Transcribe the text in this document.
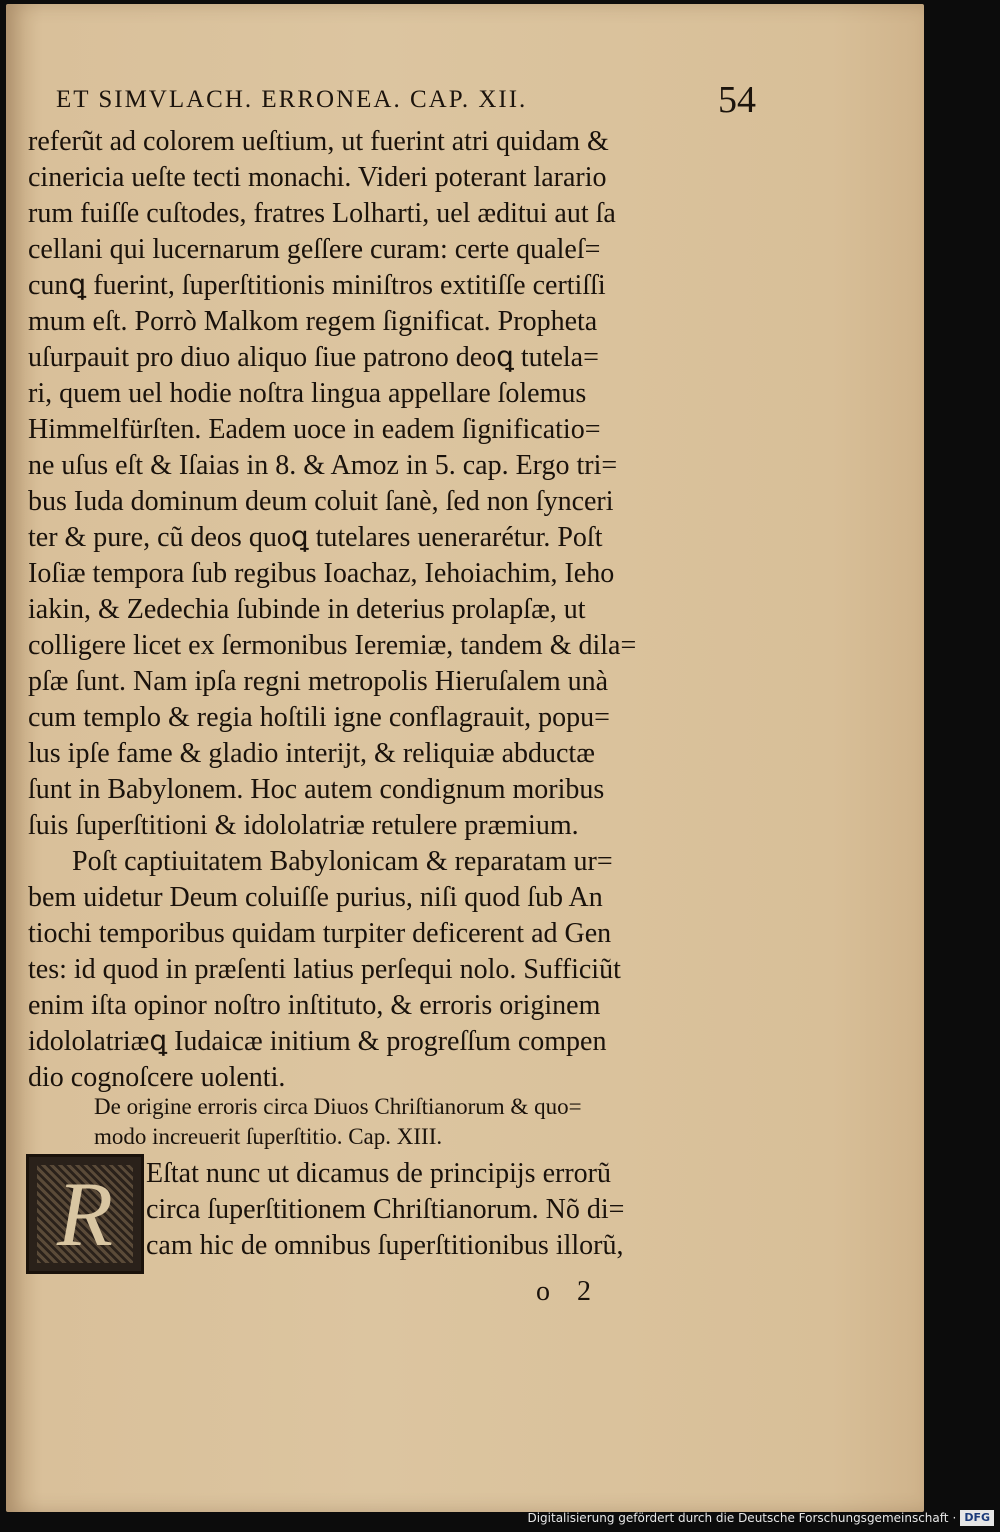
ET SIMVLACH. ERRONEA. CAP. XII.	54
referũt ad colorem ueſtium, ut fuerint atri quidam &
cinericia ueſte tecti monachi. Videri poterant larario
rum fuiſſe cuſtodes, fratres Lolharti, uel æditui aut ſa
cellani qui lucernarum geſſere curam: certe qualeſ=
cunꝗ fuerint, ſuperſtitionis miniſtros extitiſſe certiſſi
mum eſt. Porrò Malkom regem ſignificat. Propheta
uſurpauit pro diuo aliquo ſiue patrono deoꝗ tutela=
ri, quem uel hodie noſtra lingua appellare ſolemus
Himmelfürſten. Eadem uoce in eadem ſignificatio=
ne uſus eſt & Iſaias in 8. & Amoz in 5. cap. Ergo tri=
bus Iuda dominum deum coluit ſanè, ſed non ſynceri
ter & pure, cũ deos quoꝗ tutelares uenerarétur. Poſt
Ioſiæ tempora ſub regibus Ioachaz, Iehoiachim, Ieho
iakin, & Zedechia ſubinde in deterius prolapſæ, ut
colligere licet ex ſermonibus Ieremiæ, tandem & dila=
pſæ ſunt. Nam ipſa regni metropolis Hieruſalem unà
cum templo & regia hoſtili igne conflagrauit, popu=
lus ipſe fame & gladio interijt, & reliquiæ abductæ
ſunt in Babylonem. Hoc autem condignum moribus
ſuis ſuperſtitioni & idololatriæ retulere præmium.
Poſt captiuitatem Babylonicam & reparatam ur=
bem uidetur Deum coluiſſe purius, niſi quod ſub An
tiochi temporibus quidam turpiter deficerent ad Gen
tes: id quod in præſenti latius perſequi nolo. Sufficiũt
enim iſta opinor noſtro inſtituto, & erroris originem
idololatriæꝗ Iudaicæ initium & progreſſum compen
dio cognoſcere uolenti.
De origine erroris circa Diuos Chriſtianorum & quo=
modo increuerit ſuperſtitio. Cap. XIII.
R Eſtat nunc ut dicamus de principijs errorũ
circa ſuperſtitionem Chriſtianorum. Nõ di=
cam hic de omnibus ſuperſtitionibus illorũ,
o 2
Digitalisierung gefördert durch die Deutsche Forschungsgemeinschaft · DFG
